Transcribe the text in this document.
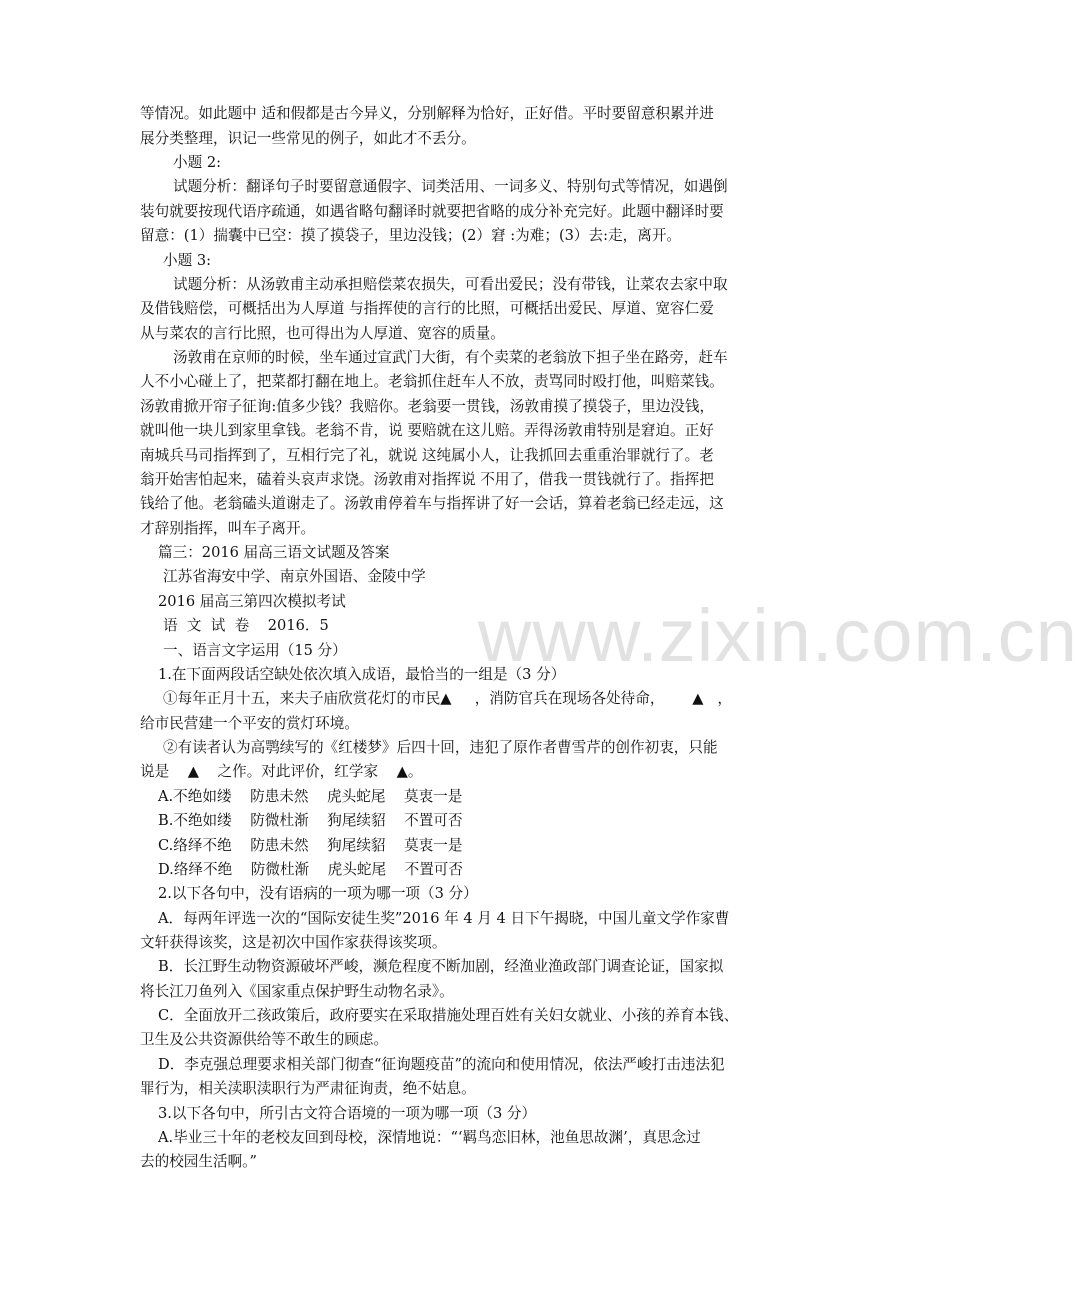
www.zixin.com.cn
等情况。如此题中 适和假都是古今异义，分别解释为恰好，正好借。平时要留意积累并进
展分类整理，识记一些常见的例子，如此才不丢分。
小题 2:
试题分析：翻译句子时要留意通假字、词类活用、一词多义、特别句式等情况，如遇倒
装句就要按现代语序疏通，如遇省略句翻译时就要把省略的成分补充完好。此题中翻译时要
留意：(1）揣囊中已空：摸了摸袋子，里边没钱；(2）窘 :为难；(3）去:走，离开。
小题 3:
试题分析：从汤敦甫主动承担赔偿菜农损失，可看出爱民；没有带钱，让菜农去家中取
及借钱赔偿，可概括出为人厚道 与指挥使的言行的比照，可概括出爱民、厚道、宽容仁爱
从与菜农的言行比照，也可得出为人厚道、宽容的质量。
汤敦甫在京师的时候，坐车通过宣武门大街，有个卖菜的老翁放下担子坐在路旁，赶车
人不小心碰上了，把菜都打翻在地上。老翁抓住赶车人不放，责骂同时殴打他，叫赔菜钱。
汤敦甫掀开帘子征询:值多少钱？我赔你。老翁要一贯钱，汤敦甫摸了摸袋子，里边没钱，
就叫他一块儿到家里拿钱。老翁不肯，说 要赔就在这儿赔。弄得汤敦甫特别是窘迫。正好
南城兵马司指挥到了，互相行完了礼，就说 这纯属小人，让我抓回去重重治罪就行了。老
翁开始害怕起来，磕着头哀声求饶。汤敦甫对指挥说 不用了，借我一贯钱就行了。指挥把
钱给了他。老翁磕头道谢走了。汤敦甫停着车与指挥讲了好一会话，算着老翁已经走远，这
才辞别指挥，叫车子离开。
篇三：2016 届高三语文试题及答案
江苏省海安中学、南京外国语、金陵中学
2016 届高三第四次模拟考试
语  文  试  卷    2016．5
一、语言文字运用（15 分）
1.在下面两段话空缺处依次填入成语，最恰当的一组是（3 分）
①每年正月十五，来夫子庙欣赏花灯的市民▲     ，消防官兵在现场各处待命，      ▲   ，
给市民营建一个平安的赏灯环境。
②有读者认为高鹗续写的《红楼梦》后四十回，违犯了原作者曹雪芹的创作初衷，只能
说是    ▲    之作。对此评价，红学家    ▲。
A.不绝如缕    防患未然    虎头蛇尾    莫衷一是
B.不绝如缕    防微杜渐    狗尾续貂    不置可否
C.络绎不绝    防患未然    狗尾续貂    莫衷一是
D.络绎不绝    防微杜渐    虎头蛇尾    不置可否
2.以下各句中，没有语病的一项为哪一项（3 分）
A．每两年评选一次的“国际安徒生奖”2016 年 4 月 4 日下午揭晓，中国儿童文学作家曹
文轩获得该奖，这是初次中国作家获得该奖项。
B．长江野生动物资源破坏严峻，濒危程度不断加剧，经渔业渔政部门调查论证，国家拟
将长江刀鱼列入《国家重点保护野生动物名录》。
C．全面放开二孩政策后，政府要实在采取措施处理百姓有关妇女就业、小孩的养育本钱、
卫生及公共资源供给等不敢生的顾虑。
D．李克强总理要求相关部门彻查“征询题疫苗”的流向和使用情况，依法严峻打击违法犯
罪行为，相关渎职渎职行为严肃征询责，绝不姑息。
3.以下各句中，所引古文符合语境的一项为哪一项（3 分）
A.毕业三十年的老校友回到母校，深情地说：“‘羁鸟恋旧林，池鱼思故渊’，真思念过
去的校园生活啊。”
